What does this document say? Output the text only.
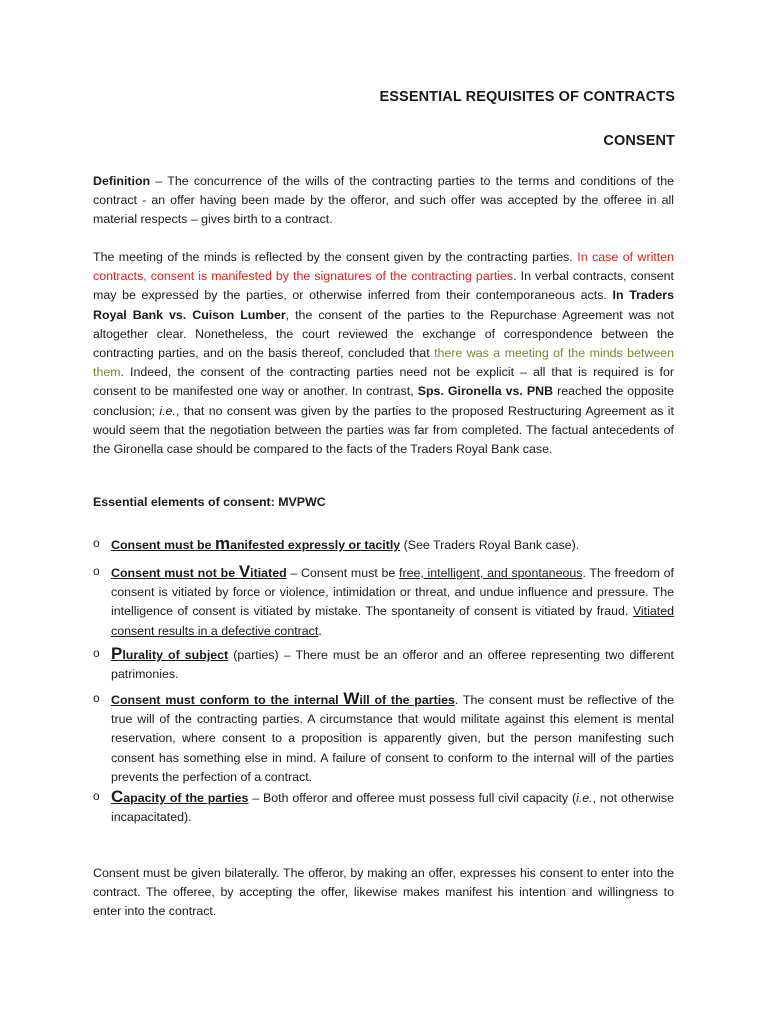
ESSENTIAL REQUISITES OF CONTRACTS
CONSENT

Definition – The concurrence of the wills of the contracting parties to the terms and conditions of the contract - an offer having been made by the offeror, and such offer was accepted by the offeree in all material respects – gives birth to a contract.

The meeting of the minds is reflected by the consent given by the contracting parties. In case of written contracts, consent is manifested by the signatures of the contracting parties. In verbal contracts, consent may be expressed by the parties, or otherwise inferred from their contemporaneous acts. In Traders Royal Bank vs. Cuison Lumber, the consent of the parties to the Repurchase Agreement was not altogether clear. Nonetheless, the court reviewed the exchange of correspondence between the contracting parties, and on the basis thereof, concluded that there was a meeting of the minds between them. Indeed, the consent of the contracting parties need not be explicit – all that is required is for consent to be manifested one way or another. In contrast, Sps. Gironella vs. PNB reached the opposite conclusion; i.e., that no consent was given by the parties to the proposed Restructuring Agreement as it would seem that the negotiation between the parties was far from completed. The factual antecedents of the Gironella case should be compared to the facts of the Traders Royal Bank case.

Essential elements of consent: MVPWC

o Consent must be manifested expressly or tacitly (See Traders Royal Bank case).
o Consent must not be Vitiated – Consent must be free, intelligent, and spontaneous. The freedom of consent is vitiated by force or violence, intimidation or threat, and undue influence and pressure. The intelligence of consent is vitiated by mistake. The spontaneity of consent is vitiated by fraud. Vitiated consent results in a defective contract.
o Plurality of subject (parties) – There must be an offeror and an offeree representing two different patrimonies.
o Consent must conform to the internal Will of the parties. The consent must be reflective of the true will of the contracting parties. A circumstance that would militate against this element is mental reservation, where consent to a proposition is apparently given, but the person manifesting such consent has something else in mind. A failure of consent to conform to the internal will of the parties prevents the perfection of a contract.
o Capacity of the parties – Both offeror and offeree must possess full civil capacity (i.e., not otherwise incapacitated).

Consent must be given bilaterally. The offeror, by making an offer, expresses his consent to enter into the contract. The offeree, by accepting the offer, likewise makes manifest his intention and willingness to enter into the contract.
